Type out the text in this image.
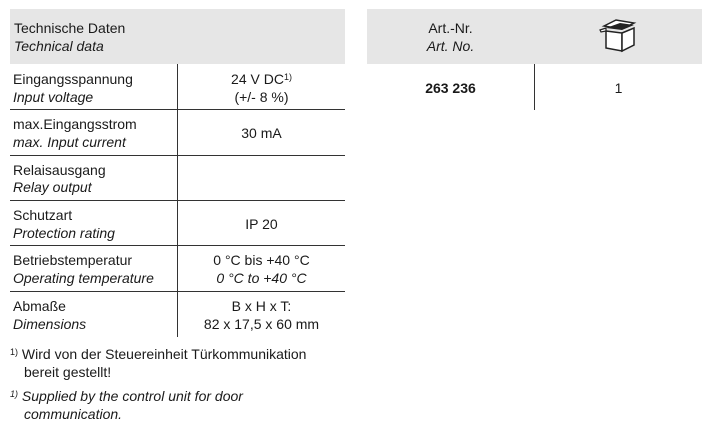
Technische Daten
Technical data
Eingangsspannung
Input voltage
24 V DC$^{1)}$
(+/- 8 %)
max.Eingangsstrom
max. Input current
30 mA
Relaisausgang
Relay output
Schutzart
Protection rating
IP 20
Betriebstemperatur
Operating temperature
0 °C bis +40 °C
0 °C to +40 °C
Abmaße
Dimensions
B x H x T:
82 x 17,5 x 60 mm
$^{1)}$ Wird von der Steuereinheit Türkommunikation
bereit gestellt!
$^{1)}$ Supplied by the control unit for door
communication.
Art.-Nr.
Art. No.
263 236	1
